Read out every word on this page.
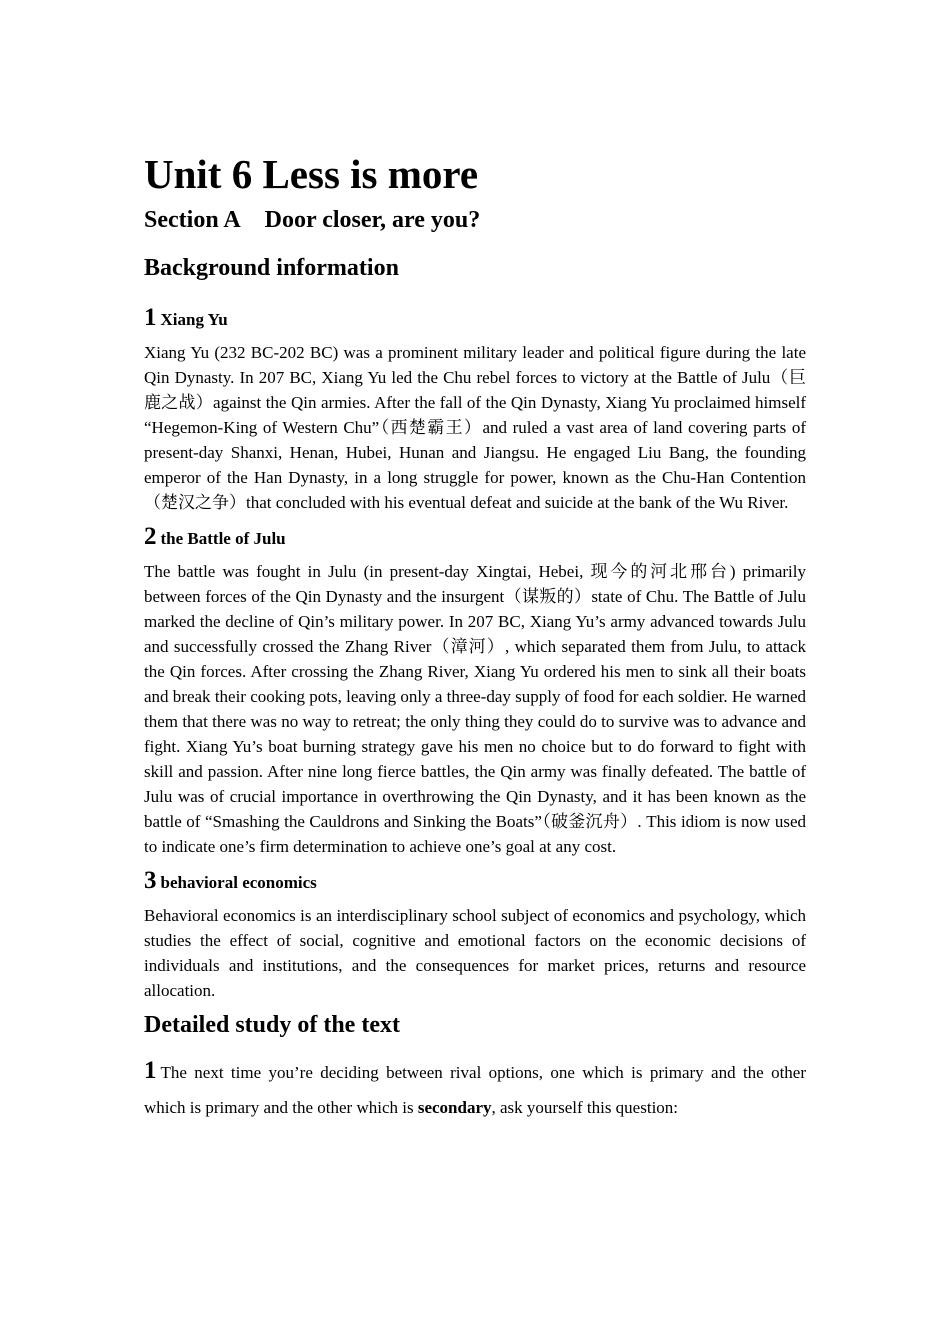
Unit 6 Less is more
Section A Door closer, are you?
Background information
1 Xiang Yu

Xiang Yu (232 BC-202 BC) was a prominent military leader and political figure during the late Qin Dynasty. In 207 BC, Xiang Yu led the Chu rebel forces to victory at the Battle of Julu（巨鹿之战）against the Qin armies. After the fall of the Qin Dynasty, Xiang Yu proclaimed himself “Hegemon-King of Western Chu”（西楚霸王）and ruled a vast area of land covering parts of present-day Shanxi, Henan, Hubei, Hunan and Jiangsu. He engaged Liu Bang, the founding emperor of the Han Dynasty, in a long struggle for power, known as the Chu-Han Contention（楚汉之争）that concluded with his eventual defeat and suicide at the bank of the Wu River.

2 the Battle of Julu

The battle was fought in Julu (in present-day Xingtai, Hebei, 现今的河北邢台) primarily between forces of the Qin Dynasty and the insurgent（谋叛的）state of Chu. The Battle of Julu marked the decline of Qin’s military power. In 207 BC, Xiang Yu’s army advanced towards Julu and successfully crossed the Zhang River（漳河）, which separated them from Julu, to attack the Qin forces. After crossing the Zhang River, Xiang Yu ordered his men to sink all their boats and break their cooking pots, leaving only a three-day supply of food for each soldier. He warned them that there was no way to retreat; the only thing they could do to survive was to advance and fight. Xiang Yu’s boat burning strategy gave his men no choice but to do forward to fight with skill and passion. After nine long fierce battles, the Qin army was finally defeated. The battle of Julu was of crucial importance in overthrowing the Qin Dynasty, and it has been known as the battle of “Smashing the Cauldrons and Sinking the Boats”（破釜沉舟）. This idiom is now used to indicate one’s firm determination to achieve one’s goal at any cost.

3 behavioral economics

Behavioral economics is an interdisciplinary school subject of economics and psychology, which studies the effect of social, cognitive and emotional factors on the economic decisions of individuals and institutions, and the consequences for market prices, returns and resource allocation.

Detailed study of the text

1 The next time you’re deciding between rival options, one which is primary and the other which is primary and the other which is secondary, ask yourself this question:
